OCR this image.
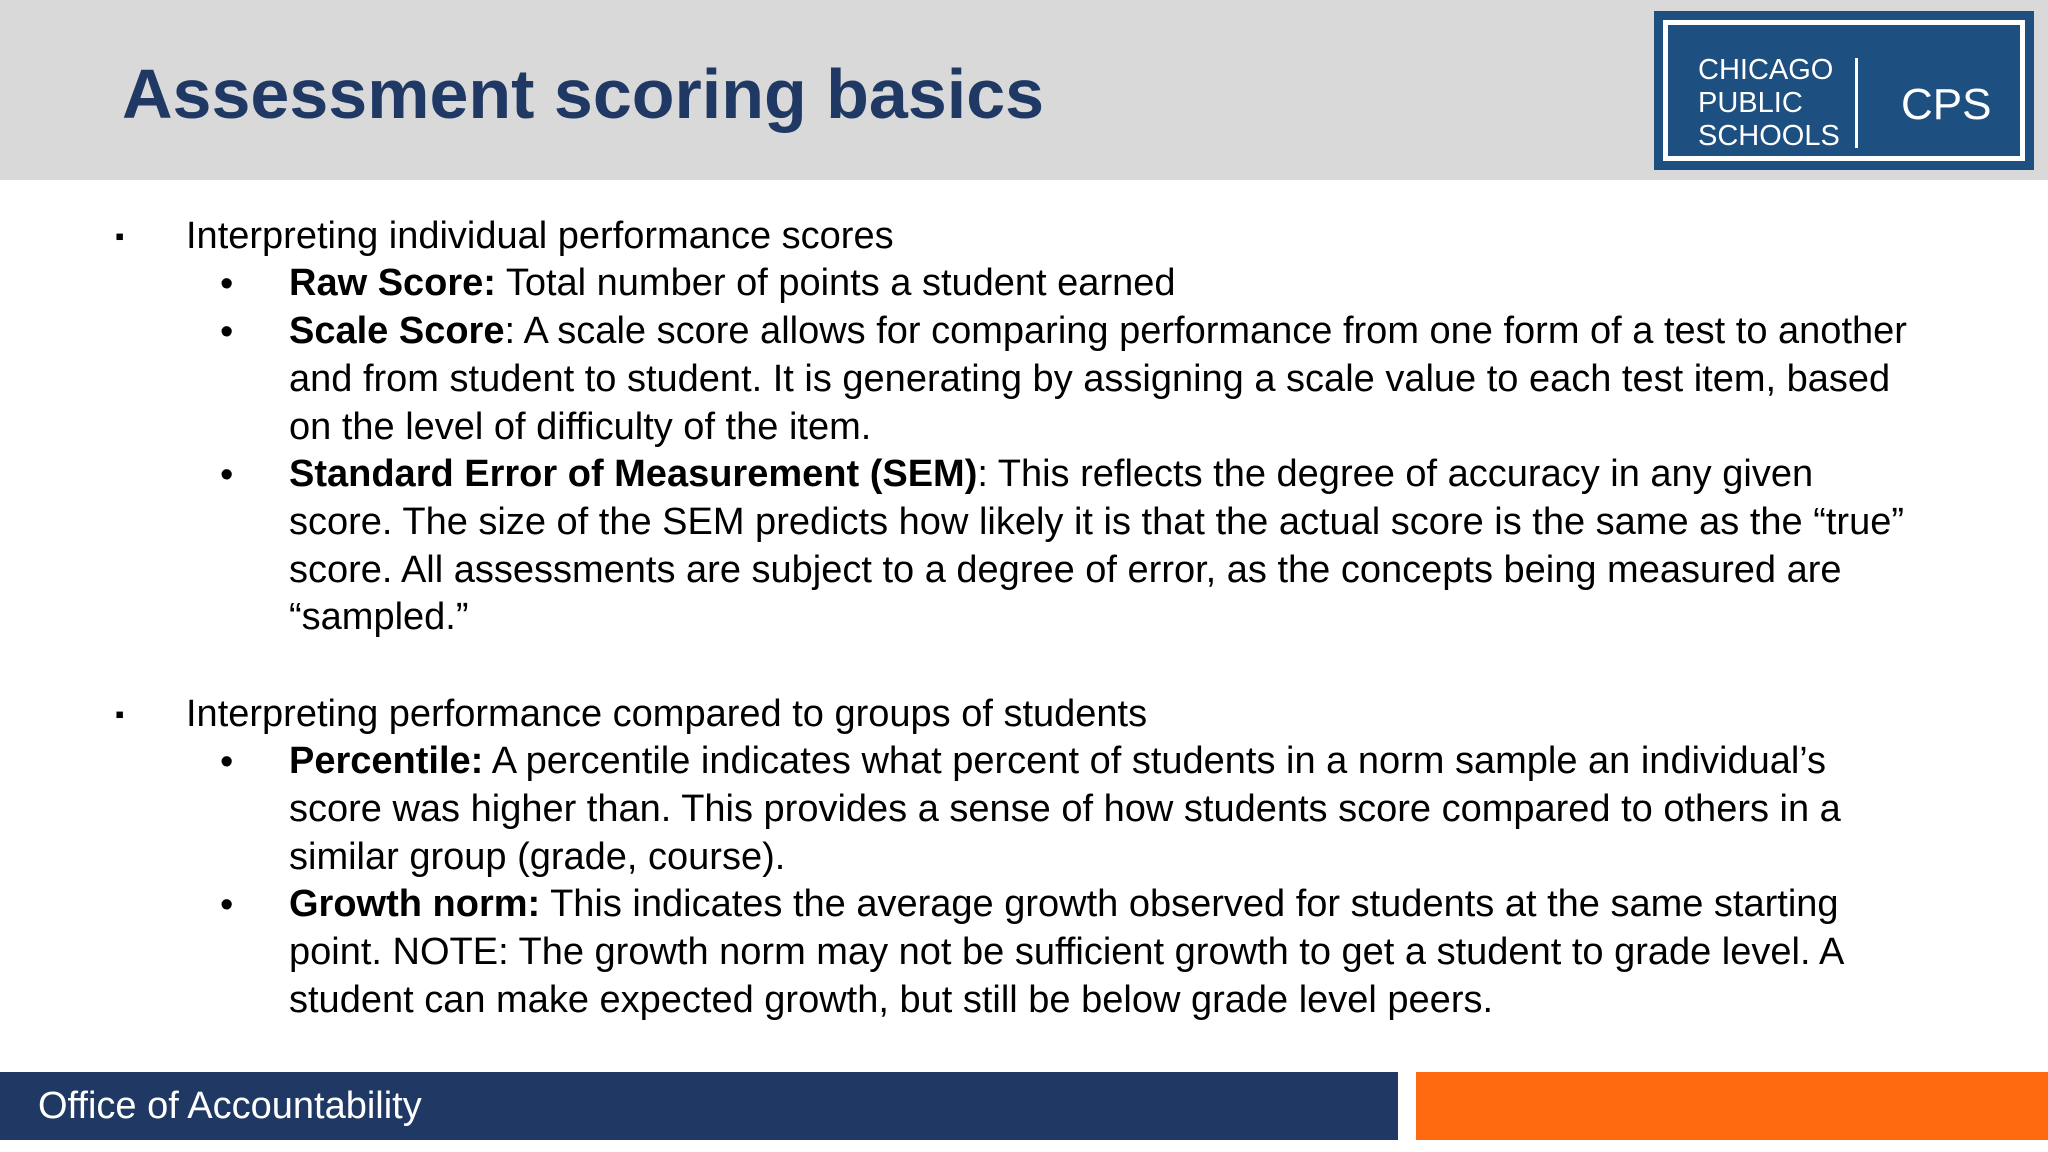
Assessment scoring basics	CHICAGO
PUBLIC
SCHOOLS
CPS
▪ Interpreting individual performance scores
• Raw Score: Total number of points a student earned
• Scale Score: A scale score allows for comparing performance from one form of a test to another and from student to student. It is generating by assigning a scale value to each test item, based on the level of difficulty of the item.
• Standard Error of Measurement (SEM): This reflects the degree of accuracy in any given score. The size of the SEM predicts how likely it is that the actual score is the same as the “true” score. All assessments are subject to a degree of error, as the concepts being measured are “sampled.”
▪ Interpreting performance compared to groups of students
• Percentile: A percentile indicates what percent of students in a norm sample an individual’s score was higher than. This provides a sense of how students score compared to others in a similar group (grade, course).
• Growth norm: This indicates the average growth observed for students at the same starting point. NOTE: The growth norm may not be sufficient growth to get a student to grade level. A student can make expected growth, but still be below grade level peers.
Office of Accountability
